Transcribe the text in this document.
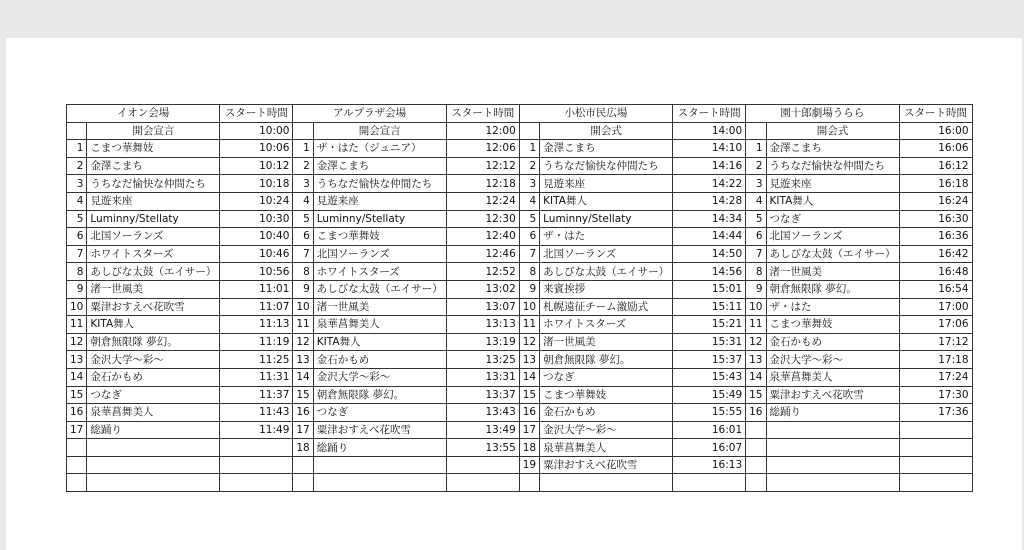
イオン会場		スタート時間	アルプラザ会場		スタート時間	小松市民広場		スタート時間	園十郎劇場うらら		スタート時間
	開会宣言	10:00		開会宣言	12:00		開会式	14:00		開会式	16:00
1	こまつ華舞妓	10:06	1	ザ・はた（ジュニア）	12:06	1	金澤こまち	14:10	1	金澤こまち	16:06
2	金澤こまち	10:12	2	金澤こまち	12:12	2	うちなだ愉快な仲間たち	14:16	2	うちなだ愉快な仲間たち	16:12
3	うちなだ愉快な仲間たち	10:18	3	うちなだ愉快な仲間たち	12:18	3	見遊来座	14:22	3	見遊来座	16:18
4	見遊来座	10:24	4	見遊来座	12:24	4	KITA舞人	14:28	4	KITA舞人	16:24
5	Luminny/Stellaty	10:30	5	Luminny/Stellaty	12:30	5	Luminny/Stellaty	14:34	5	つなぎ	16:30
6	北国ソーランズ	10:40	6	こまつ華舞妓	12:40	6	ザ・はた	14:44	6	北国ソーランズ	16:36
7	ホワイトスターズ	10:46	7	北国ソーランズ	12:46	7	北国ソーランズ	14:50	7	あしびな太鼓（エイサー）	16:42
8	あしびな太鼓（エイサー）	10:56	8	ホワイトスターズ	12:52	8	あしびな太鼓（エイサー）	14:56	8	渚一世風美	16:48
9	渚一世風美	11:01	9	あしびな太鼓（エイサー）	13:02	9	来賓挨拶	15:01	9	朝倉無限隊 夢幻。	16:54
10	粟津おすえべ花吹雪	11:07	10	渚一世風美	13:07	10	札幌遠征チーム激励式	15:11	10	ザ・はた	17:00
11	KITA舞人	11:13	11	泉華菖舞美人	13:13	11	ホワイトスターズ	15:21	11	こまつ華舞妓	17:06
12	朝倉無限隊 夢幻。	11:19	12	KITA舞人	13:19	12	渚一世風美	15:31	12	金石かもめ	17:12
13	金沢大学〜彩〜	11:25	13	金石かもめ	13:25	13	朝倉無限隊 夢幻。	15:37	13	金沢大学〜彩〜	17:18
14	金石かもめ	11:31	14	金沢大学〜彩〜	13:31	14	つなぎ	15:43	14	泉華菖舞美人	17:24
15	つなぎ	11:37	15	朝倉無限隊 夢幻。	13:37	15	こまつ華舞妓	15:49	15	粟津おすえべ花吹雪	17:30
16	泉華菖舞美人	11:43	16	つなぎ	13:43	16	金石かもめ	15:55	16	総踊り	17:36
17	総踊り	11:49	17	粟津おすえべ花吹雪	13:49	17	金沢大学〜彩〜	16:01			
			18	総踊り	13:55	18	泉華菖舞美人	16:07			
						19	粟津おすえべ花吹雪	16:13			
